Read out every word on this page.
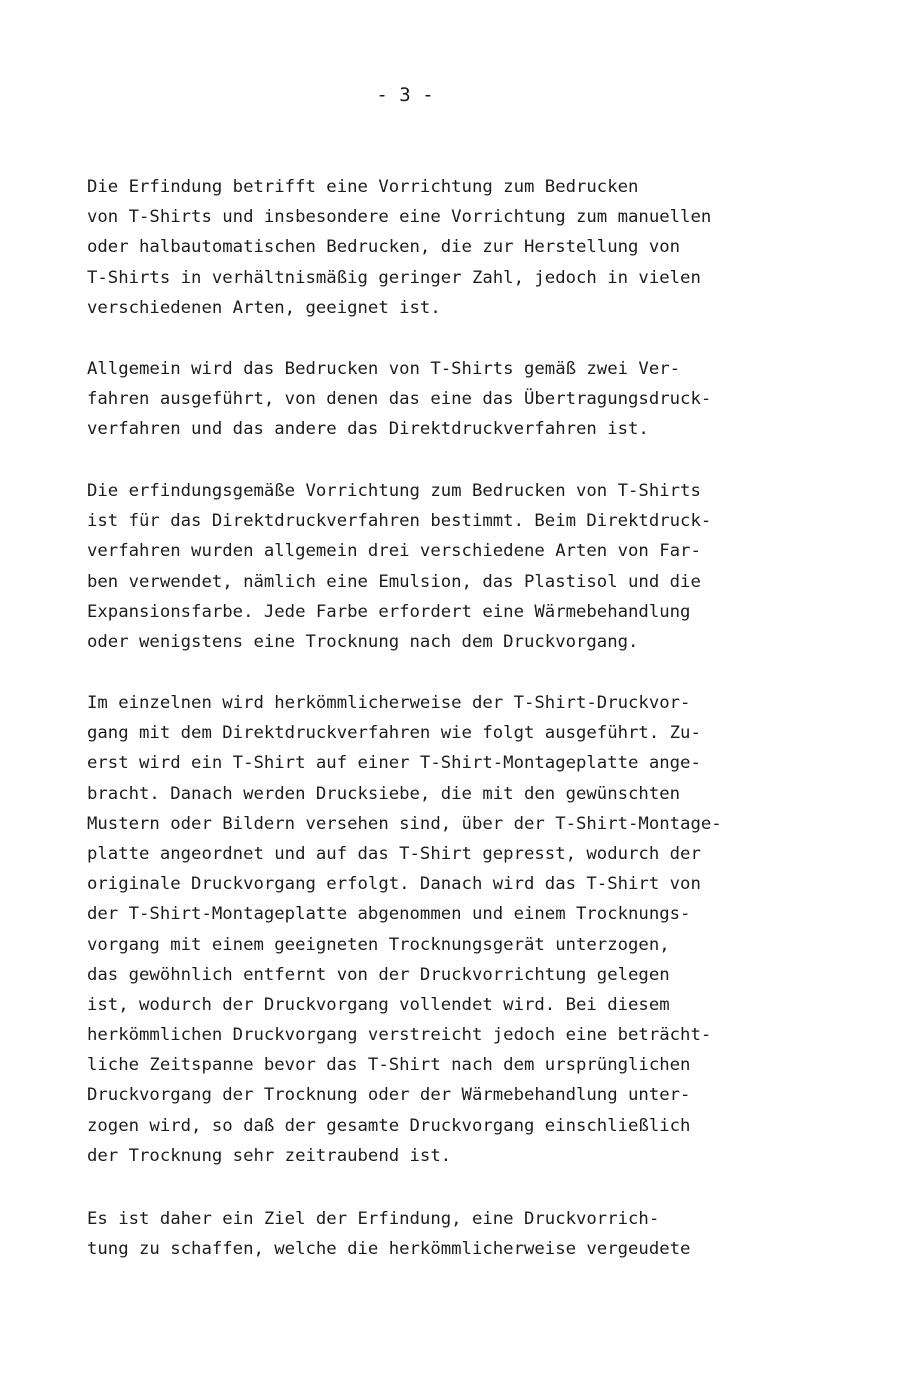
- 3 -
Die Erfindung betrifft eine Vorrichtung zum Bedrucken
von T-Shirts und insbesondere eine Vorrichtung zum manuellen
oder halbautomatischen Bedrucken, die zur Herstellung von
T-Shirts in verhältnismäßig geringer Zahl, jedoch in vielen
verschiedenen Arten, geeignet ist.
Allgemein wird das Bedrucken von T-Shirts gemäß zwei Ver-
fahren ausgeführt, von denen das eine das Übertragungsdruck-
verfahren und das andere das Direktdruckverfahren ist.
Die erfindungsgemäße Vorrichtung zum Bedrucken von T-Shirts
ist für das Direktdruckverfahren bestimmt. Beim Direktdruck-
verfahren wurden allgemein drei verschiedene Arten von Far-
ben verwendet, nämlich eine Emulsion, das Plastisol und die
Expansionsfarbe. Jede Farbe erfordert eine Wärmebehandlung
oder wenigstens eine Trocknung nach dem Druckvorgang.
Im einzelnen wird herkömmlicherweise der T-Shirt-Druckvor-
gang mit dem Direktdruckverfahren wie folgt ausgeführt. Zu-
erst wird ein T-Shirt auf einer T-Shirt-Montageplatte ange-
bracht. Danach werden Drucksiebe, die mit den gewünschten
Mustern oder Bildern versehen sind, über der T-Shirt-Montage-
platte angeordnet und auf das T-Shirt gepresst, wodurch der
originale Druckvorgang erfolgt. Danach wird das T-Shirt von
der T-Shirt-Montageplatte abgenommen und einem Trocknungs-
vorgang mit einem geeigneten Trocknungsgerät unterzogen,
das gewöhnlich entfernt von der Druckvorrichtung gelegen
ist, wodurch der Druckvorgang vollendet wird. Bei diesem
herkömmlichen Druckvorgang verstreicht jedoch eine beträcht-
liche Zeitspanne bevor das T-Shirt nach dem ursprünglichen
Druckvorgang der Trocknung oder der Wärmebehandlung unter-
zogen wird, so daß der gesamte Druckvorgang einschließlich
der Trocknung sehr zeitraubend ist.
Es ist daher ein Ziel der Erfindung, eine Druckvorrich-
tung zu schaffen, welche die herkömmlicherweise vergeudete
